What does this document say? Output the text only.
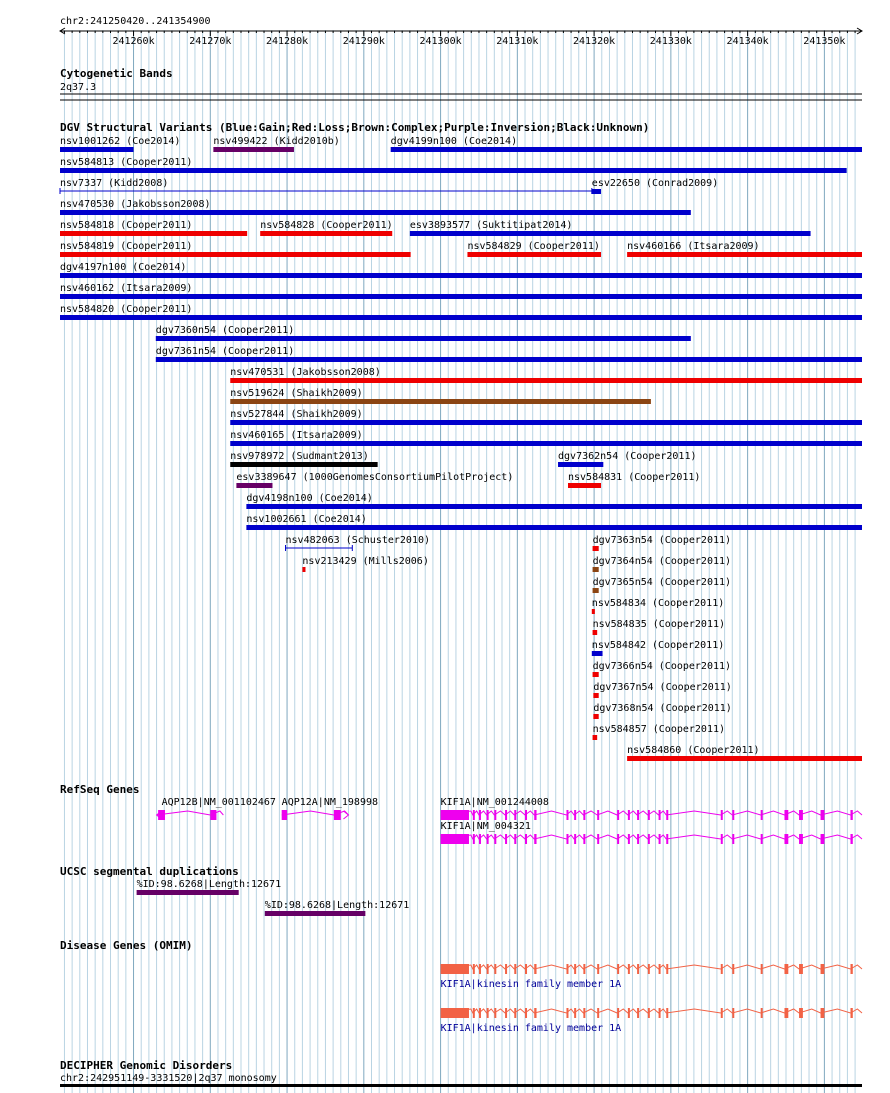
chr2:241250420..241354900
241260k	241270k	241280k	241290k	241300k	241310k	241320k	241330k	241340k	241350k
Cytogenetic Bands
2q37.3
DGV Structural Variants (Blue:Gain;Red:Loss;Brown:Complex;Purple:Inversion;Black:Unknown)
nsv1001262 (Coe2014)	nsv499422 (Kidd2010b)	dgv4199n100 (Coe2014)
nsv584813 (Cooper2011)
nsv7337 (Kidd2008)	esv22650 (Conrad2009)
nsv470530 (Jakobsson2008)
nsv584818 (Cooper2011)	nsv584828 (Cooper2011) esv3893577 (Suktitipat2014)
nsv584819 (Cooper2011)	nsv584829 (Cooper2011)	nsv460166 (Itsara2009)
dgv4197n100 (Coe2014)
nsv460162 (Itsara2009)
nsv584820 (Cooper2011)
dgv7360n54 (Cooper2011)
dgv7361n54 (Cooper2011)
nsv470531 (Jakobsson2008)
nsv519624 (Shaikh2009)
nsv527844 (Shaikh2009)
nsv460165 (Itsara2009)
nsv978972 (Sudmant2013)	dgv7362n54 (Cooper2011)
esv3389647 (1000GenomesConsortiumPilotProject)	nsv584831 (Cooper2011)
dgv4198n100 (Coe2014)
nsv1002661 (Coe2014)
nsv482063 (Schuster2010)	dgv7363n54 (Cooper2011)
nsv213429 (Mills2006)	dgv7364n54 (Cooper2011)
dgv7365n54 (Cooper2011)
nsv584834 (Cooper2011)
nsv584835 (Cooper2011)
nsv584842 (Cooper2011)
dgv7366n54 (Cooper2011)
dgv7367n54 (Cooper2011)
dgv7368n54 (Cooper2011)
nsv584857 (Cooper2011)
nsv584860 (Cooper2011)
RefSeq Genes
AQP12B|NM_001102467 AQP12A|NM_198998	KIF1A|NM_001244008
KIF1A|NM_004321
UCSC segmental duplications
%ID:98.6268|Length:12671
%ID:98.6268|Length:12671
Disease Genes (OMIM)
KIF1A|kinesin family member 1A
KIF1A|kinesin family member 1A
DECIPHER Genomic Disorders
chr2:242951149-3331520|2q37 monosomy
